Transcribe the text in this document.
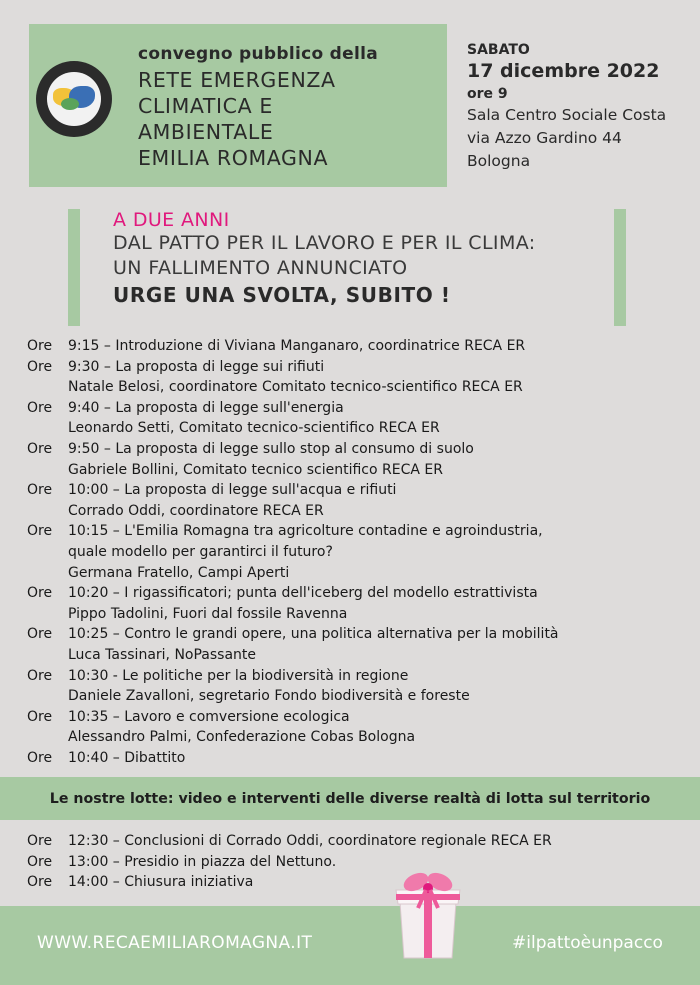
convegno pubblico della
RETE EMERGENZA
CLIMATICA E
AMBIENTALE
EMILIA ROMAGNA
SABATO
17 dicembre 2022
ore 9
Sala Centro Sociale Costa
via Azzo Gardino 44
Bologna
A DUE ANNI
DAL PATTO PER IL LAVORO E PER IL CLIMA:
UN FALLIMENTO ANNUNCIATO
URGE UNA SVOLTA, SUBITO !
Ore	9:15 – Introduzione di Viviana Manganaro, coordinatrice RECA ER
Ore	9:30 – La proposta di legge sui rifiuti
Natale Belosi, coordinatore Comitato tecnico-scientifico RECA ER
Ore	9:40 – La proposta di legge sull'energia
Leonardo Setti, Comitato tecnico-scientifico RECA ER
Ore	9:50 – La proposta di legge sullo stop al consumo di suolo
Gabriele Bollini, Comitato tecnico scientifico RECA ER
Ore	10:00 – La proposta di legge sull'acqua e rifiuti
Corrado Oddi, coordinatore RECA ER
Ore	10:15 – L'Emilia Romagna tra agricolture contadine e agroindustria,
quale modello per garantirci il futuro?
Germana Fratello, Campi Aperti
Ore	10:20 – I rigassificatori; punta dell'iceberg del modello estrattivista
Pippo Tadolini, Fuori dal fossile Ravenna
Ore	10:25 – Contro le grandi opere, una politica alternativa per la mobilità
Luca Tassinari, NoPassante
Ore	10:30 - Le politiche per la biodiversità in regione
Daniele Zavalloni, segretario Fondo biodiversità e foreste
Ore	10:35 – Lavoro e comversione ecologica
Alessandro Palmi, Confederazione Cobas Bologna
Ore	10:40 – Dibattito
Le nostre lotte: video e interventi delle diverse realtà di lotta sul territorio
Ore	12:30 – Conclusioni di Corrado Oddi, coordinatore regionale RECA ER
Ore	13:00 – Presidio in piazza del Nettuno.
Ore	14:00 – Chiusura iniziativa
WWW.RECAEMILIAROMAGNA.IT	#ilpattoèunpacco
